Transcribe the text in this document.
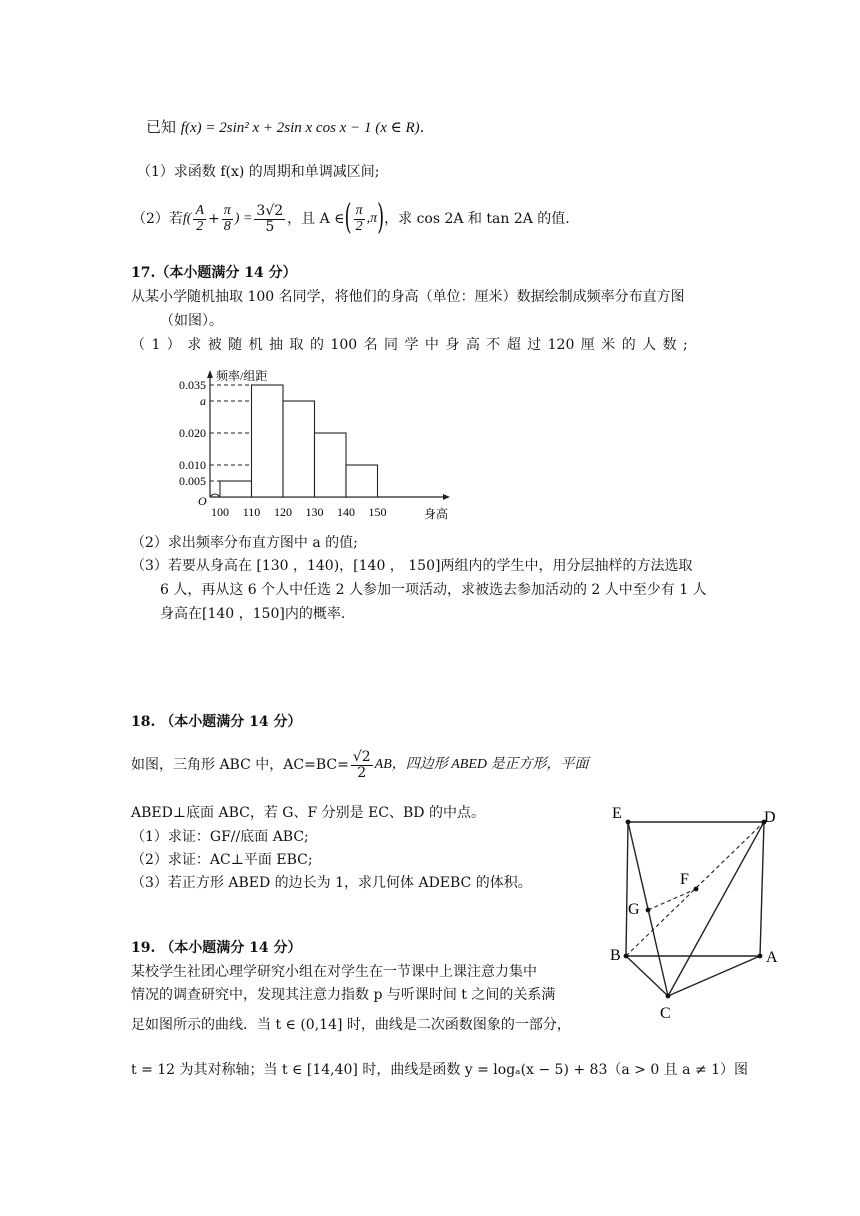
已知 f(x) = 2sin² x + 2sin x cos x − 1 (x ∈ R).
（1）求函数 f(x) 的周期和单调减区间;
（2）若 $f( \frac{A}{2} + \frac{\pi}{8}$ ) = $\frac{3√2}{5}$ ，且 A ∈ ( $\frac{\pi}{2} ,\pi$ ) ，求 cos 2A 和 tan 2A 的值.
17.（本小题满分 14 分）
从某小学随机抽取 100 名同学，将他们的身高（单位：厘米）数据绘制成频率分布直方图
（如图）。
（ 1 ） 求 被 随 机 抽 取 的 100 名 同 学 中 身 高 不 超 过 120 厘 米 的 人 数 ;
0.035
a
0.020
0.010
0.005
O
100 110 120 130 140 150
频率/组距
身高
（2）求出频率分布直方图中 a 的值;
（3）若要从身高在 [130 ，140)，[140 ， 150]两组内的学生中，用分层抽样的方法选取
6 人，再从这 6 个人中任选 2 人参加一项活动，求被选去参加活动的 2 人中至少有 1 人
身高在[140 ，150]内的概率.
18. （本小题满分 14 分）
如图，三角形 ABC 中，$AC=BC= \frac{√2}{2}$ AB，四边形 ABED 是正方形，平面
ABED⊥底面 ABC，若 G、F 分别是 EC、BD 的中点。
（1）求证：GF//底面 ABC;
（2）求证：AC⊥平面 EBC;
（3）若正方形 ABED 的边长为 1，求几何体 ADEBC 的体积。
E	D
F
G
B	A
C
19. （本小题满分 14 分）
某校学生社团心理学研究小组在对学生在一节课中上课注意力集中
情况的调查研究中，发现其注意力指数 p 与听课时间 t 之间的关系满
足如图所示的曲线．当 t ∈ (0,14] 时，曲线是二次函数图象的一部分，
t = 12 为其对称轴；当 t ∈ [14,40] 时，曲线是函数 y = logₐ(x − 5) + 83（a > 0 且 a ≠ 1）图
